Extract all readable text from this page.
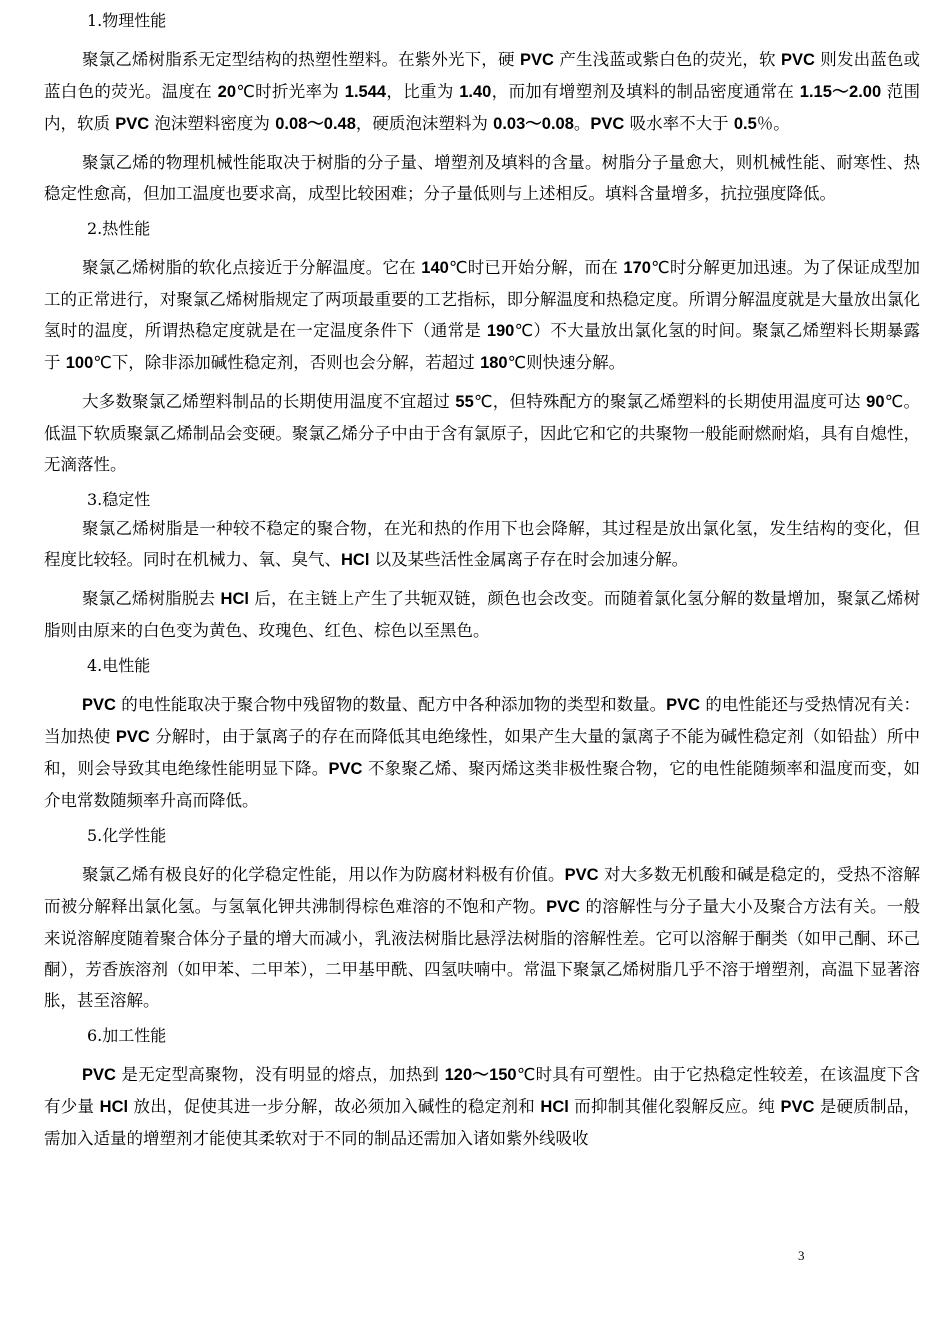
1.物理性能

聚氯乙烯树脂系无定型结构的热塑性塑料。在紫外光下，硬 PVC 产生浅蓝或紫白色的荧光，软 PVC 则发出蓝色或蓝白色的荧光。温度在 20℃时折光率为 1.544，比重为 1.40，而加有增塑剂及填料的制品密度通常在 1.15～2.00 范围内，软质 PVC 泡沫塑料密度为 0.08～0.48，硬质泡沫塑料为 0.03～0.08。PVC 吸水率不大于 0.5％。

聚氯乙烯的物理机械性能取决于树脂的分子量、增塑剂及填料的含量。树脂分子量愈大，则机械性能、耐寒性、热稳定性愈高，但加工温度也要求高，成型比较困难；分子量低则与上述相反。填料含量增多，抗拉强度降低。

2.热性能

聚氯乙烯树脂的软化点接近于分解温度。它在 140℃时已开始分解，而在 170℃时分解更加迅速。为了保证成型加工的正常进行，对聚氯乙烯树脂规定了两项最重要的工艺指标，即分解温度和热稳定度。所谓分解温度就是大量放出氯化氢时的温度，所谓热稳定度就是在一定温度条件下（通常是 190℃）不大量放出氯化氢的时间。聚氯乙烯塑料长期暴露于 100℃下，除非添加碱性稳定剂，否则也会分解，若超过 180℃则快速分解。

大多数聚氯乙烯塑料制品的长期使用温度不宜超过 55℃，但特殊配方的聚氯乙烯塑料的长期使用温度可达 90℃。低温下软质聚氯乙烯制品会变硬。聚氯乙烯分子中由于含有氯原子，因此它和它的共聚物一般能耐燃耐焰，具有自熄性，无滴落性。

3.稳定性

聚氯乙烯树脂是一种较不稳定的聚合物，在光和热的作用下也会降解，其过程是放出氯化氢，发生结构的变化，但程度比较轻。同时在机械力、氧、臭气、HCl 以及某些活性金属离子存在时会加速分解。

聚氯乙烯树脂脱去 HCl 后，在主链上产生了共轭双链，颜色也会改变。而随着氯化氢分解的数量增加，聚氯乙烯树脂则由原来的白色变为黄色、玫瑰色、红色、棕色以至黑色。

4.电性能

PVC 的电性能取决于聚合物中残留物的数量、配方中各种添加物的类型和数量。PVC 的电性能还与受热情况有关：当加热使 PVC 分解时，由于氯离子的存在而降低其电绝缘性，如果产生大量的氯离子不能为碱性稳定剂（如铅盐）所中和，则会导致其电绝缘性能明显下降。PVC 不象聚乙烯、聚丙烯这类非极性聚合物，它的电性能随频率和温度而变，如介电常数随频率升高而降低。

5.化学性能

聚氯乙烯有极良好的化学稳定性能，用以作为防腐材料极有价值。PVC 对大多数无机酸和碱是稳定的，受热不溶解而被分解释出氯化氢。与氢氧化钾共沸制得棕色难溶的不饱和产物。PVC 的溶解性与分子量大小及聚合方法有关。一般来说溶解度随着聚合体分子量的增大而减小，乳液法树脂比悬浮法树脂的溶解性差。它可以溶解于酮类（如甲己酮、环己酮），芳香族溶剂（如甲苯、二甲苯），二甲基甲酰、四氢呋喃中。常温下聚氯乙烯树脂几乎不溶于增塑剂，高温下显著溶胀，甚至溶解。

6.加工性能

PVC 是无定型高聚物，没有明显的熔点，加热到 120～150℃时具有可塑性。由于它热稳定性较差，在该温度下含有少量 HCl 放出，促使其进一步分解，故必须加入碱性的稳定剂和 HCl 而抑制其催化裂解反应。纯 PVC 是硬质制品，需加入适量的增塑剂才能使其柔软对于不同的制品还需加入诸如紫外线吸收

3
